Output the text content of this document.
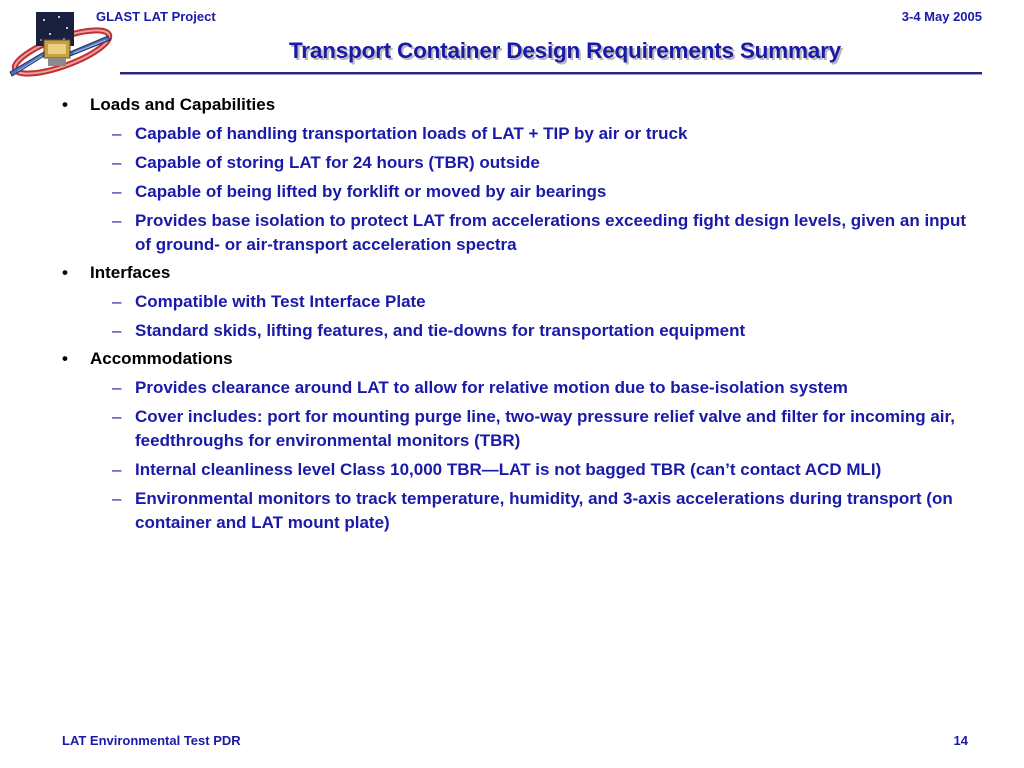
GLAST LAT Project	3-4 May 2005
Transport Container Design Requirements Summary
• Loads and Capabilities
– Capable of handling transportation loads of LAT + TIP by air or truck
– Capable of storing LAT for 24 hours (TBR) outside
– Capable of being lifted by forklift or moved by air bearings
– Provides base isolation to protect LAT from accelerations exceeding fight design levels, given an input of ground- or air-transport acceleration spectra
• Interfaces
– Compatible with Test Interface Plate
– Standard skids, lifting features, and tie-downs for transportation equipment
• Accommodations
– Provides clearance around LAT to allow for relative motion due to base-isolation system
– Cover includes: port for mounting purge line, two-way pressure relief valve and filter for incoming air, feedthroughs for environmental monitors (TBR)
– Internal cleanliness level Class 10,000 TBR—LAT is not bagged TBR (can’t contact ACD MLI)
– Environmental monitors to track temperature, humidity, and 3-axis accelerations during transport (on container and LAT mount plate)
LAT Environmental Test PDR	14
